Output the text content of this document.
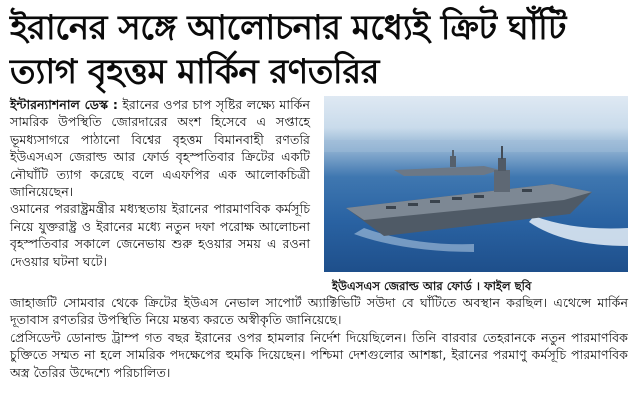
ইরানের সঙ্গে আলোচনার মধ্যেই ক্রিট ঘাঁটি
ত্যাগ বৃহত্তম মার্কিন রণতরির

ইন্টারন্যাশনাল ডেস্ক : ইরানের ওপর চাপ সৃষ্টির লক্ষ্যে মার্কিন সামরিক উপস্থিতি জোরদারের অংশ হিসেবে এ সপ্তাহে ভূমধ্যসাগরে পাঠানো বিশ্বের বৃহত্তম বিমানবাহী রণতরি ইউএসএস জেরাল্ড আর ফোর্ড বৃহস্পতিবার ক্রিটের একটি নৌঘাঁটি ত্যাগ করেছে বলে এএফপির এক আলোকচিত্রী জানিয়েছেন।

ওমানের পররাষ্ট্রমন্ত্রীর মধ্যস্থতায় ইরানের পারমাণবিক কর্মসূচি নিয়ে যুক্তরাষ্ট্র ও ইরানের মধ্যে নতুন দফা পরোক্ষ আলোচনা বৃহস্পতিবার সকালে জেনেভায় শুরু হওয়ার সময় এ রওনা দেওয়ার ঘটনা ঘটে।

ইউএসএস জেরাল্ড আর ফোর্ড । ফাইল ছবি

জাহাজটি সোমবার থেকে ক্রিটের ইউএস নেভাল সাপোর্ট অ্যাক্টিভিটি সউদা বে ঘাঁটিতে অবস্থান করছিল। এথেন্সে মার্কিন দূতাবাস রণতরির উপস্থিতি নিয়ে মন্তব্য করতে অস্বীকৃতি জানিয়েছে।

প্রেসিডেন্ট ডোনাল্ড ট্রাম্প গত বছর ইরানের ওপর হামলার নির্দেশ দিয়েছিলেন। তিনি বারবার তেহরানকে নতুন পারমাণবিক চুক্তিতে সম্মত না হলে সামরিক পদক্ষেপের হুমকি দিয়েছেন। পশ্চিমা দেশগুলোর আশঙ্কা, ইরানের পরমাণু কর্মসূচি পারমাণবিক অস্ত্র তৈরির উদ্দেশ্যে পরিচালিত।
